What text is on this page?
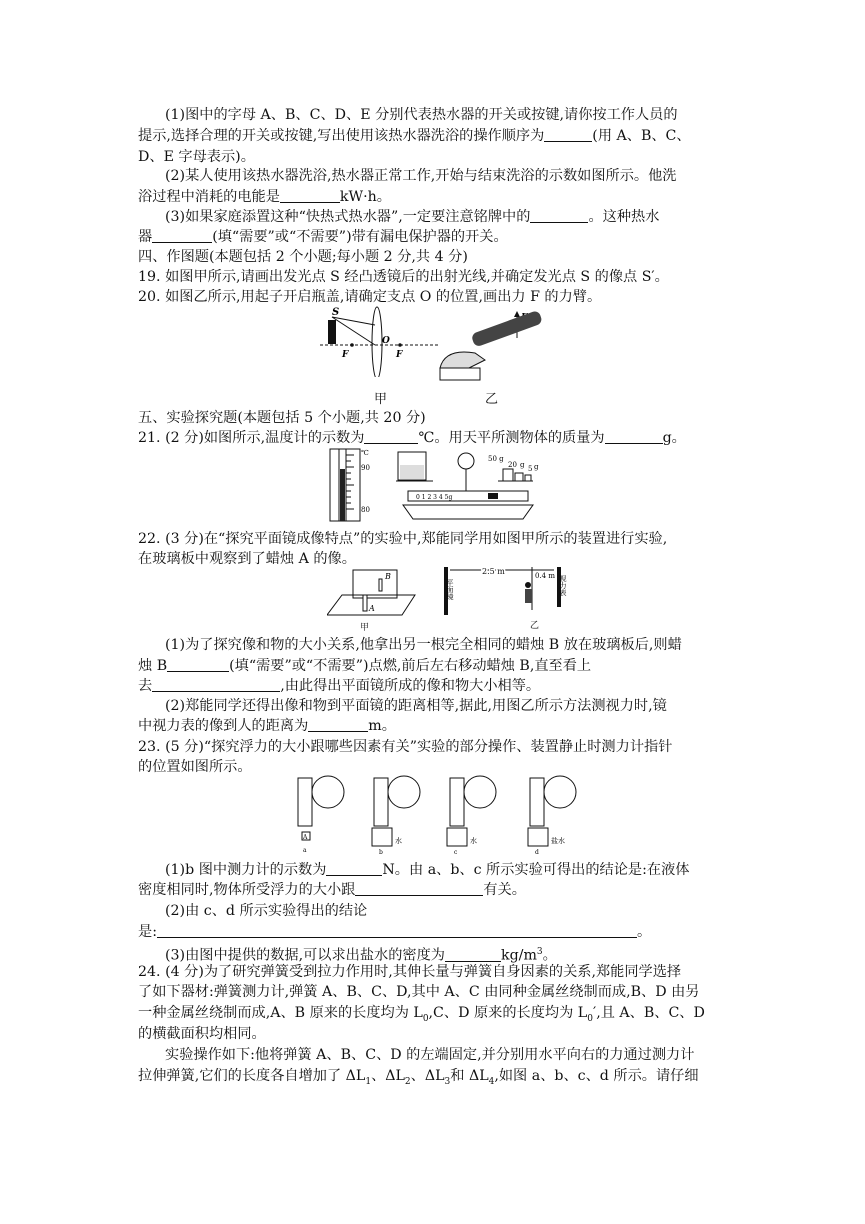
(1)图中的字母 A、B、C、D、E 分别代表热水器的开关或按键,请你按工作人员的
提示,选择合理的开关或按键,写出使用该热水器洗浴的操作顺序为	(用 A、B、C、
D、E 字母表示)。
(2)某人使用该热水器洗浴,热水器正常工作,开始与结束洗浴的示数如图所示。他洗
浴过程中消耗的电能是	kW·h。
(3)如果家庭添置这种“快热式热水器”,一定要注意铭牌中的	。这种热水
器	(填“需要”或“不需要”)带有漏电保护器的开关。
四、作图题(本题包括 2 个小题;每小题 2 分,共 4 分)
19. 如图甲所示,请画出发光点 S 经凸透镜后的出射光线,并确定发光点 S 的像点 S′。
20. 如图乙所示,用起子开启瓶盖,请确定支点 O 的位置,画出力 F 的力臂。
S
F
O
F
甲	乙
五、实验探究题(本题包括 5 个小题,共 20 分)
21. (2 分)如图所示,温度计的示数为	℃。用天平所测物体的质量为	g。
℃
90
80
50 g
20 g 5 g
0 1 2 3 4 5g
22. (3 分)在“探究平面镜成像特点”的实验中,郑能同学用如图甲所示的装置进行实验,
在玻璃板中观察到了蜡烛 A 的像。
B
A
甲
平面镜
2.5 m	0.4 m 视力表
乙
(1)为了探究像和物的大小关系,他拿出另一根完全相同的蜡烛 B 放在玻璃板后,则蜡
烛 B	(填“需要”或“不需要”)点燃,前后左右移动蜡烛 B,直至看上
去	,由此得出平面镜所成的像和物大小相等。
(2)郑能同学还得出像和物到平面镜的距离相等,据此,用图乙所示方法测视力时,镜
中视力表的像到人的距离为	m。
23. (5 分)“探究浮力的大小跟哪些因素有关”实验的部分操作、装置静止时测力计指针
的位置如图所示。
A
a
水
b
水
c
盐水
d
(1)b 图中测力计的示数为	N。由 a、b、c 所示实验可得出的结论是:在液体
密度相同时,物体所受浮力的大小跟	有关。
(2)由 c、d 所示实验得出的结论
是:	。
(3)由图中提供的数据,可以求出盐水的密度为	$kg/m^3$。
24. (4 分)为了研究弹簧受到拉力作用时,其伸长量与弹簧自身因素的关系,郑能同学选择
了如下器材:弹簧测力计,弹簧 A、B、C、D,其中 A、C 由同种金属丝绕制而成,B、D 由另
一种金属丝绕制而成,A、B 原来的长度均为 $L_0,C$、D 原来的长度均为 $L_0'$,且 A、B、C、D
的横截面积均相同。
实验操作如下:他将弹簧 A、B、C、D 的左端固定,并分别用水平向右的力通过测力计
拉伸弹簧,它们的长度各自增加了 $\Delta L_1$、$\Delta L_2$、$\Delta L_3$和 $\Delta L_4$,如图 a、b、c、d 所示。请仔细
